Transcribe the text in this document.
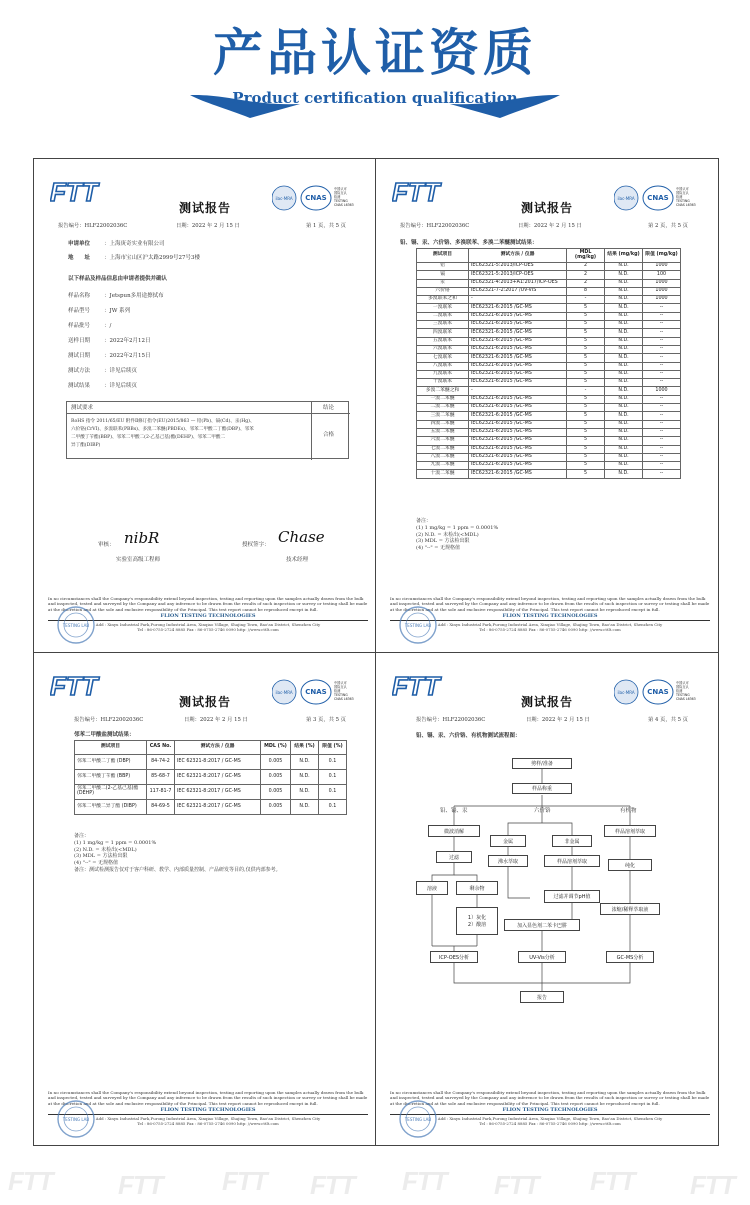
产品认证资质
Product certification qualification
FTT
测试报告
ilac-MRA CNAS
中国认可
国际互认
检测
TESTING
CNAS L6363
报告编号：HLF22002036C	日期：2022 年 2 月 15 日	第 1 页，共 5 页
申请单位	：上海庚奇实业有限公司
地　　址	：上海市宝山区沪太路2999号27号3楼
以下样品及样品信息由申请者提供并确认
样品名称	：Jetspun多用途擦拭布
样品型号	：JW 系列
样品批号	：/
送样日期	：2022年2月12日
测试日期	：2022年2月15日
测试方法	：详见后续页
测试结果	：详见后续页
测试要求	结论
RoHS 指令 2011/65/EU 附件Ⅱ修订指令(EU)2015/863 — 铅(Pb)、镉(Cd)、汞(Hg)、
六价铬(CrVI)、多溴联苯(PBBs)、多溴二苯醚(PBDEs)、邻苯二甲酸二丁酯(DBP)、邻苯
二甲酸丁苄酯(BBP)、邻苯二甲酸二(2-乙基己基)酯(DEHP)、邻苯二甲酸二
异丁酯(DIBP)
合格
审核： nibR
实验室高级工程师
授权签字： Chase
技术经理
In no circumstances shall the Company's responsibility extend beyond inspection, testing and reporting upon the samples actually drawn from the bulk and inspected, tested and surveyed by the Company and any inference to be drawn from the results of such inspection or survey or testing shall be made at the discretion and at the sole and exclusive responsibility of the Principal. This test report cannot be reproduced except in full.
FLION TESTING TECHNOLOGIES
Add : Xinyu Industrial Park,Furong Industrial Area, Xinqiao Village, Shajing Town, Bao'an District, Shenzhen City
Tel : 86-0755-2724 8885 Fax : 86-0755-2746 0090 http: //www.cttlt.com
TESTING LAB
FTT
测试报告
ilac-MRA CNAS
中国认可
国际互认
检测
TESTING
CNAS L6363
报告编号：HLF22002036C	日期：2022 年 2 月 15 日	第 2 页，共 5 页
铅、镉、汞、六价铬、多溴联苯、多溴二苯醚测试结果：
测试项目	测试方法 / 仪器	MDL (mg/kg)	结果 (mg/kg)	限值 (mg/kg)
铅	IEC62321-5:2013/ICP-OES	2	N.D.	1000
镉	IEC62321-5:2013/ICP-OES	2	N.D.	100
汞	IEC62321-4:2013+A1:2017/ICP-OES	2	N.D.	1000
六价铬	IEC62321-7-2:2017 /UV-VIS	8	N.D.	1000
多溴联苯之和	-	-	N.D.	1000
一溴联苯	IEC62321-6:2015 /GC-MS	5	N.D.	--
二溴联苯	IEC62321-6:2015 /GC-MS	5	N.D.	--
三溴联苯	IEC62321-6:2015 /GC-MS	5	N.D.	--
四溴联苯	IEC62321-6:2015 /GC-MS	5	N.D.	--
五溴联苯	IEC62321-6:2015 /GC-MS	5	N.D.	--
六溴联苯	IEC62321-6:2015 /GC-MS	5	N.D.	--
七溴联苯	IEC62321-6:2015 /GC-MS	5	N.D.	--
八溴联苯	IEC62321-6:2015 /GC-MS	5	N.D.	--
九溴联苯	IEC62321-6:2015 /GC-MS	5	N.D.	--
十溴联苯	IEC62321-6:2015 /GC-MS	5	N.D.	--
多溴二苯醚之和	-	-	N.D.	1000
一溴二苯醚	IEC62321-6:2015 /GC-MS	5	N.D.	--
二溴二苯醚	IEC62321-6:2015 /GC-MS	5	N.D.	--
三溴二苯醚	IEC62321-6:2015 /GC-MS	5	N.D.	--
四溴二苯醚	IEC62321-6:2015 /GC-MS	5	N.D.	--
五溴二苯醚	IEC62321-6:2015 /GC-MS	5	N.D.	--
六溴二苯醚	IEC62321-6:2015 /GC-MS	5	N.D.	--
七溴二苯醚	IEC62321-6:2015 /GC-MS	5	N.D.	--
八溴二苯醚	IEC62321-6:2015 /GC-MS	5	N.D.	--
九溴二苯醚	IEC62321-6:2015 /GC-MS	5	N.D.	--
十溴二苯醚	IEC62321-6:2015 /GC-MS	5	N.D.	--
备注：
(1) 1 mg/kg = 1 ppm = 0.0001%
(2) N.D. = 未检出(<MDL)
(3) MDL = 方法检出限
(4) "--" = 无规格值
In no circumstances shall the Company's responsibility extend beyond inspection, testing and reporting upon the samples actually drawn from the bulk and inspected, tested and surveyed by the Company and any inference to be drawn from the results of such inspection or survey or testing shall be made at the discretion and at the sole and exclusive responsibility of the Principal. This test report cannot be reproduced except in full.
FLION TESTING TECHNOLOGIES
Add : Xinyu Industrial Park,Furong Industrial Area, Xinqiao Village, Shajing Town, Bao'an District, Shenzhen City
Tel : 86-0755-2724 8885 Fax : 86-0755-2746 0090 http: //www.cttlt.com
TESTING LAB
FTT
测试报告
ilac-MRA CNAS
中国认可
国际互认
检测
TESTING
CNAS L6363
报告编号：HLF22002036C	日期：2022 年 2 月 15 日	第 3 页，共 5 页
邻苯二甲酸盐测试结果：
测试项目	CAS No.	测试方法 / 仪器	MDL (%)	结果 (%)	限值 (%)
邻苯二甲酸二丁酯 (DBP)	84-74-2	IEC 62321-8:2017 / GC-MS	0.005	N.D.	0.1
邻苯二甲酸丁苄酯 (BBP)	85-68-7	IEC 62321-8:2017 / GC-MS	0.005	N.D.	0.1
邻苯二甲酸二(2-乙基己基)酯 (DEHP)	117-81-7	IEC 62321-8:2017 / GC-MS	0.005	N.D.	0.1
邻苯二甲酸二异丁酯 (DIBP)	84-69-5	IEC 62321-8:2017 / GC-MS	0.005	N.D.	0.1
备注：
(1) 1 mg/kg = 1 ppm = 0.0001%
(2) N.D. = 未检出(<MDL)
(3) MDL = 方法检出限
(4) "--" = 无规格值
备注：测试检测报告仅对于客户科研、教学、内部质量控制、产品研发等目的,仅供内部参考。
In no circumstances shall the Company's responsibility extend beyond inspection, testing and reporting upon the samples actually drawn from the bulk and inspected, tested and surveyed by the Company and any inference to be drawn from the results of such inspection or survey or testing shall be made at the discretion and at the sole and exclusive responsibility of the Principal. This test report cannot be reproduced except in full.
FLION TESTING TECHNOLOGIES
Add : Xinyu Industrial Park,Furong Industrial Area, Xinqiao Village, Shajing Town, Bao'an District, Shenzhen City
Tel : 86-0755-2724 8885 Fax : 86-0755-2746 0090 http: //www.cttlt.com
TESTING LAB
FTT
测试报告
ilac-MRA CNAS
中国认可
国际互认
检测
TESTING
CNAS L6363
报告编号：HLF22002036C	日期：2022 年 2 月 15 日	第 4 页，共 5 页
铅、镉、汞、六价铬、有机物测试流程图：
剪样/准备
样品称重
铅、镉、汞	六价铬	有机物
微波消解
过滤
溶液	剩余物
1）灰化
2）酸溶
金属	非金属
沸水萃取	样品溶剂萃取
过滤并调节pH值
加入显色剂二苯卡巴肼
样品溶剂萃取
纯化
浓缩/稀释萃取液
ICP-OES分析	UV-Vis分析	GC-MS分析
报告
In no circumstances shall the Company's responsibility extend beyond inspection, testing and reporting upon the samples actually drawn from the bulk and inspected, tested and surveyed by the Company and any inference to be drawn from the results of such inspection or survey or testing shall be made at the discretion and at the sole and exclusive responsibility of the Principal. This test report cannot be reproduced except in full.
FLION TESTING TECHNOLOGIES
Add : Xinyu Industrial Park,Furong Industrial Area, Xinqiao Village, Shajing Town, Bao'an District, Shenzhen City
Tel : 86-0755-2724 8885 Fax : 86-0755-2746 0090 http: //www.cttlt.com
TESTING LAB
FTT	FTT FTT FTT FTT FTT FTT FTT
